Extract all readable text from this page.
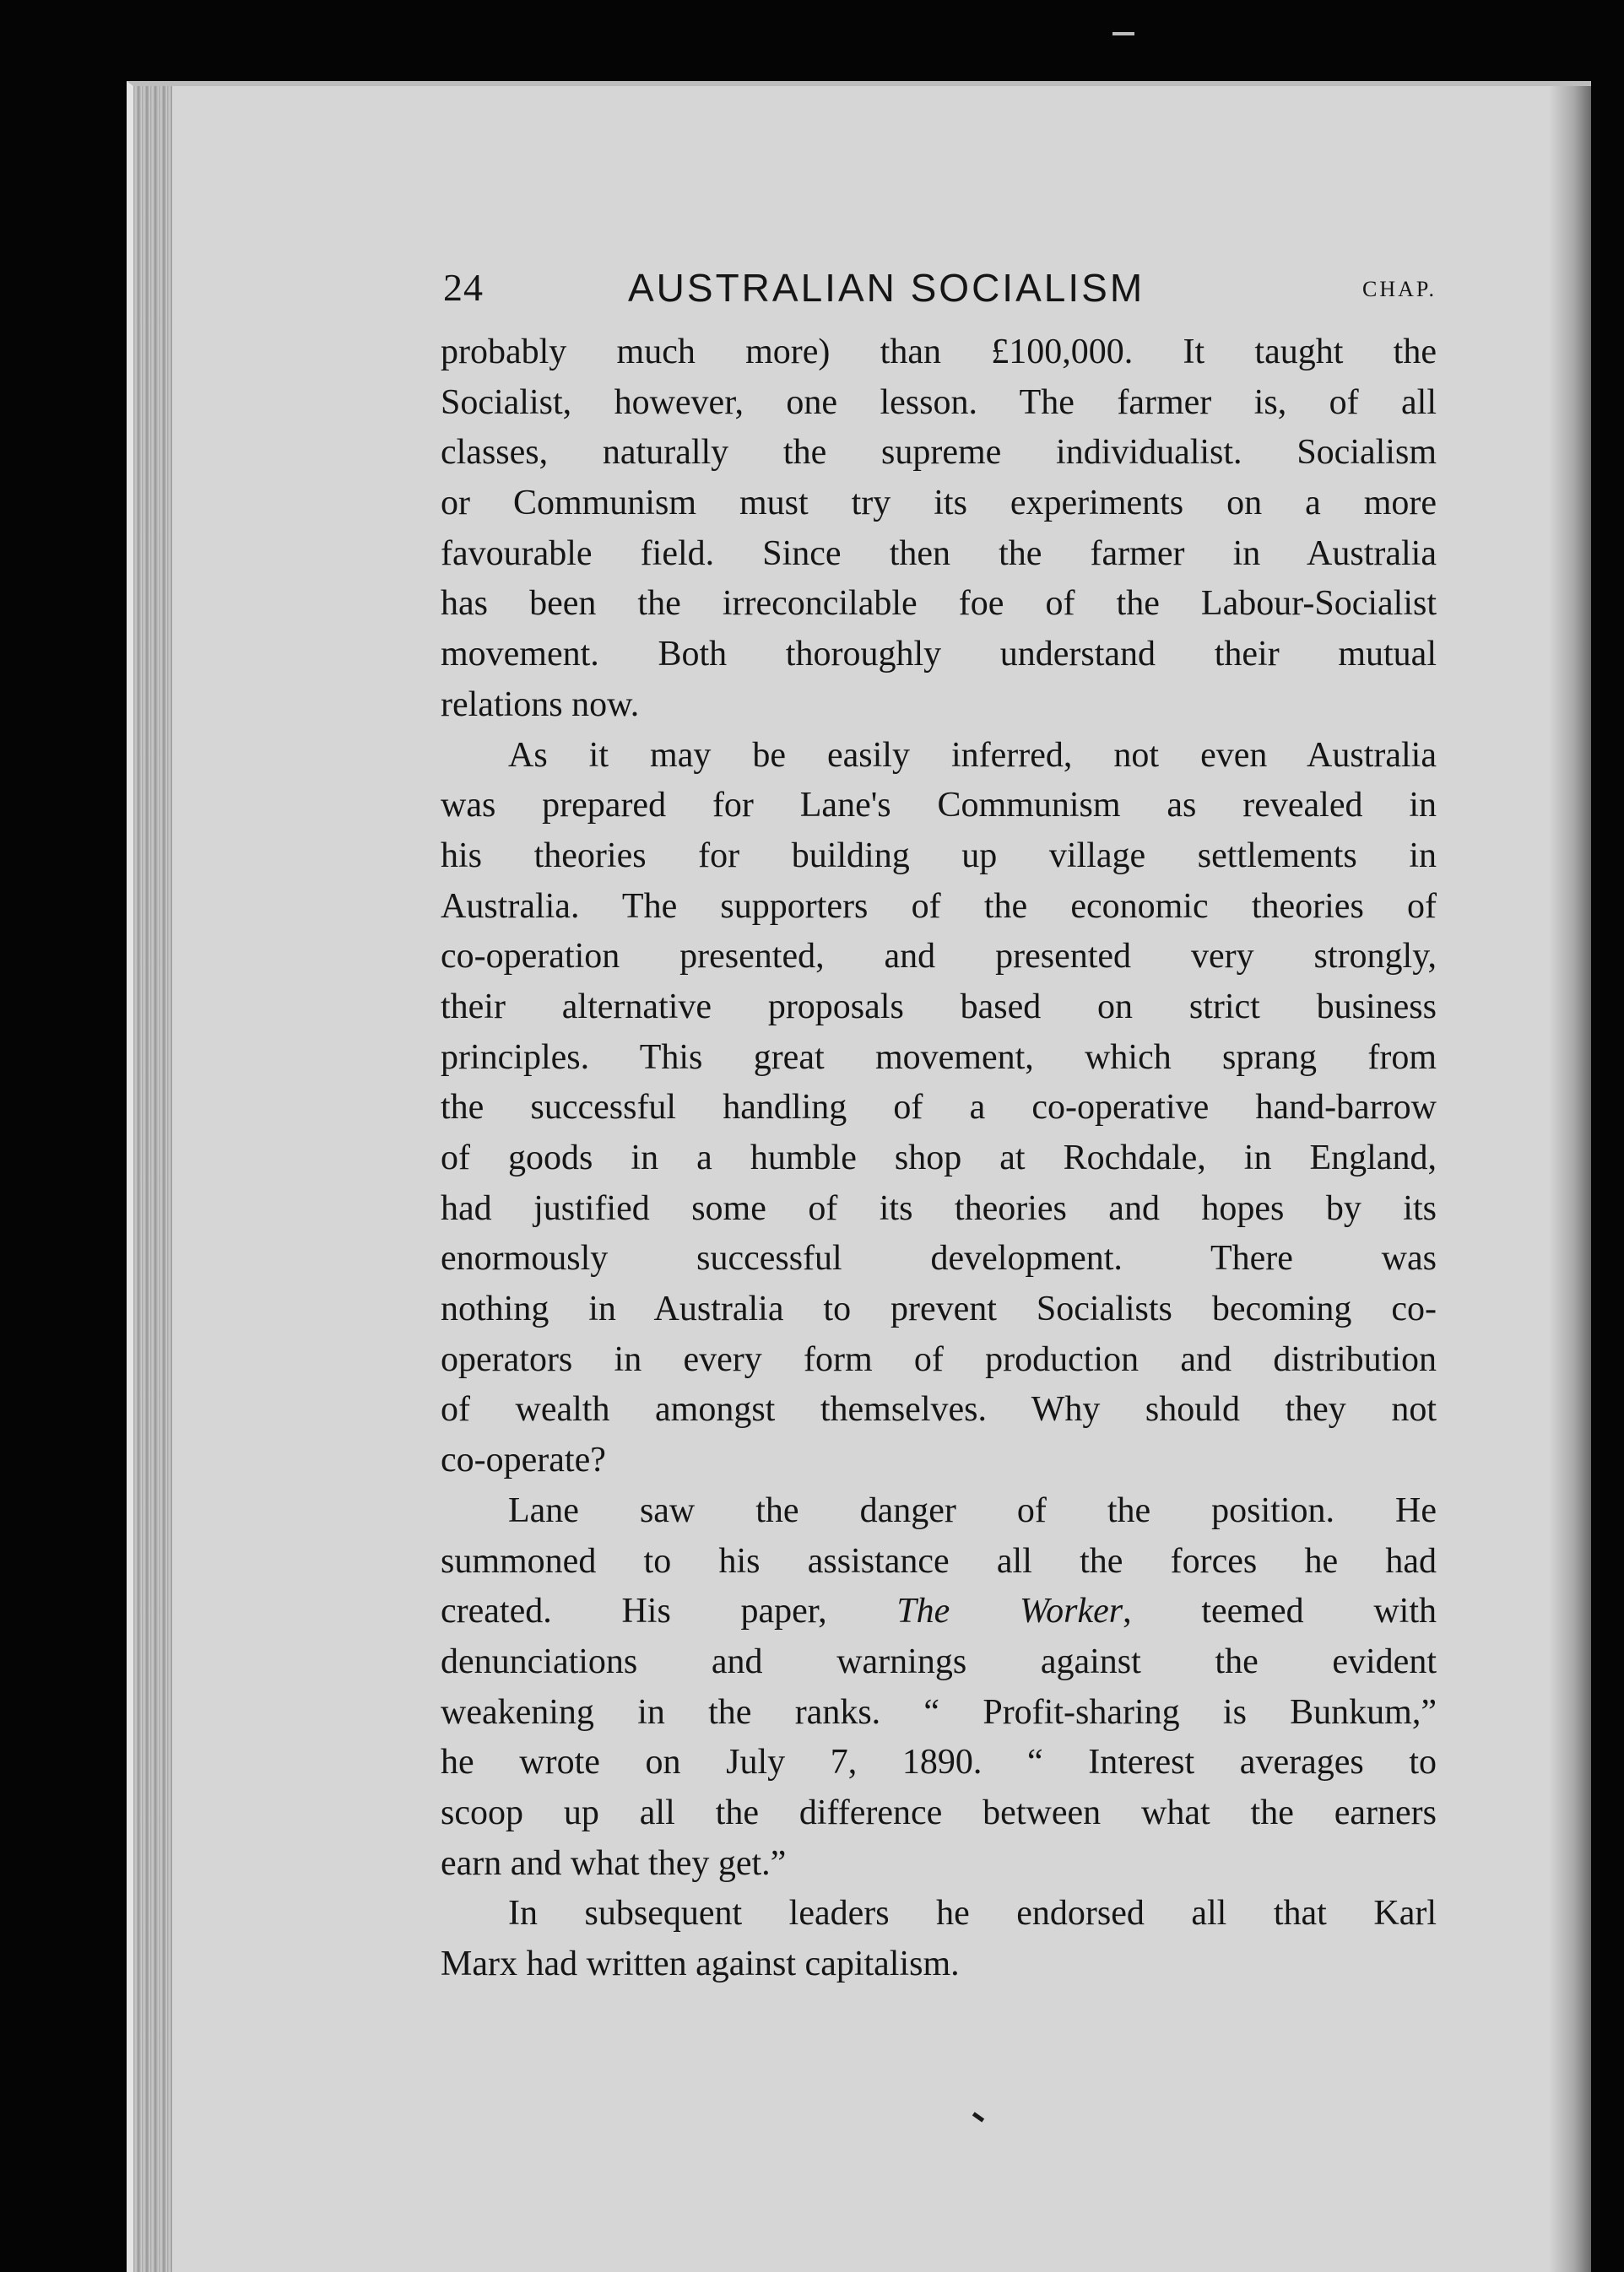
24	AUSTRALIAN SOCIALISM	CHAP.
probably much more) than £100,000. It taught the
Socialist, however, one lesson. The farmer is, of all
classes, naturally the supreme individualist. Socialism
or Communism must try its experiments on a more
favourable field. Since then the farmer in Australia
has been the irreconcilable foe of the Labour-Socialist
movement. Both thoroughly understand their mutual
relations now.
As it may be easily inferred, not even Australia
was prepared for Lane's Communism as revealed in
his theories for building up village settlements in
Australia. The supporters of the economic theories of
co-operation presented, and presented very strongly,
their alternative proposals based on strict business
principles. This great movement, which sprang from
the successful handling of a co-operative hand-barrow
of goods in a humble shop at Rochdale, in England,
had justified some of its theories and hopes by its
enormously successful development. There was
nothing in Australia to prevent Socialists becoming co-
operators in every form of production and distribution
of wealth amongst themselves. Why should they not
co-operate?
Lane saw the danger of the position. He
summoned to his assistance all the forces he had
created. His paper, The Worker, teemed with
denunciations and warnings against the evident
weakening in the ranks. “ Profit-sharing is Bunkum,”
he wrote on July 7, 1890. “ Interest averages to
scoop up all the difference between what the earners
earn and what they get.”
In subsequent leaders he endorsed all that Karl
Marx had written against capitalism.
